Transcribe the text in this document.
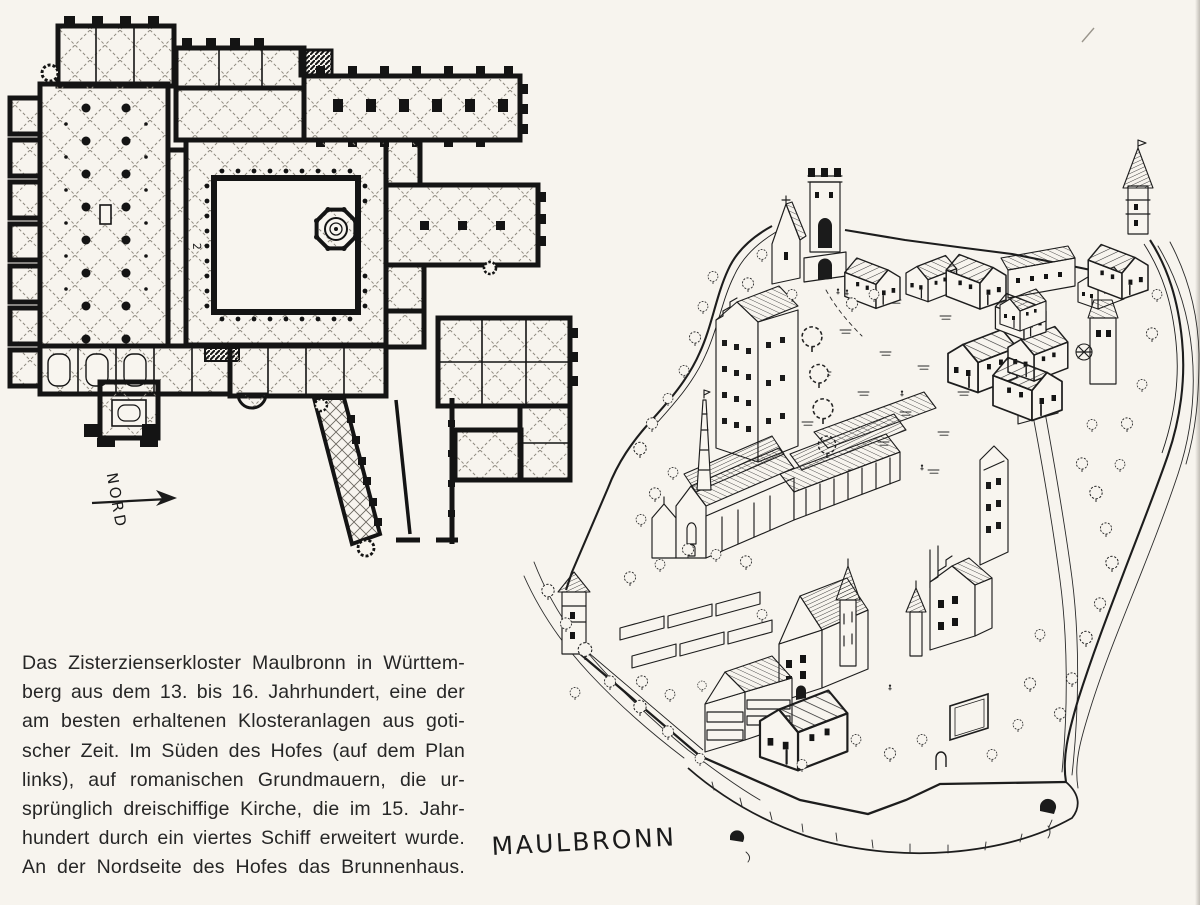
2
NORD
MAULBRONN
Das Zisterzienserkloster Maulbronn in Württem-
berg aus dem 13. bis 16. Jahrhundert, eine der
am besten erhaltenen Klosteranlagen aus goti-
scher Zeit. Im Süden des Hofes (auf dem Plan
links), auf romanischen Grundmauern, die ur-
sprünglich dreischiffige Kirche, die im 15. Jahr-
hundert durch ein viertes Schiff erweitert wurde.
An der Nordseite des Hofes das Brunnenhaus.
